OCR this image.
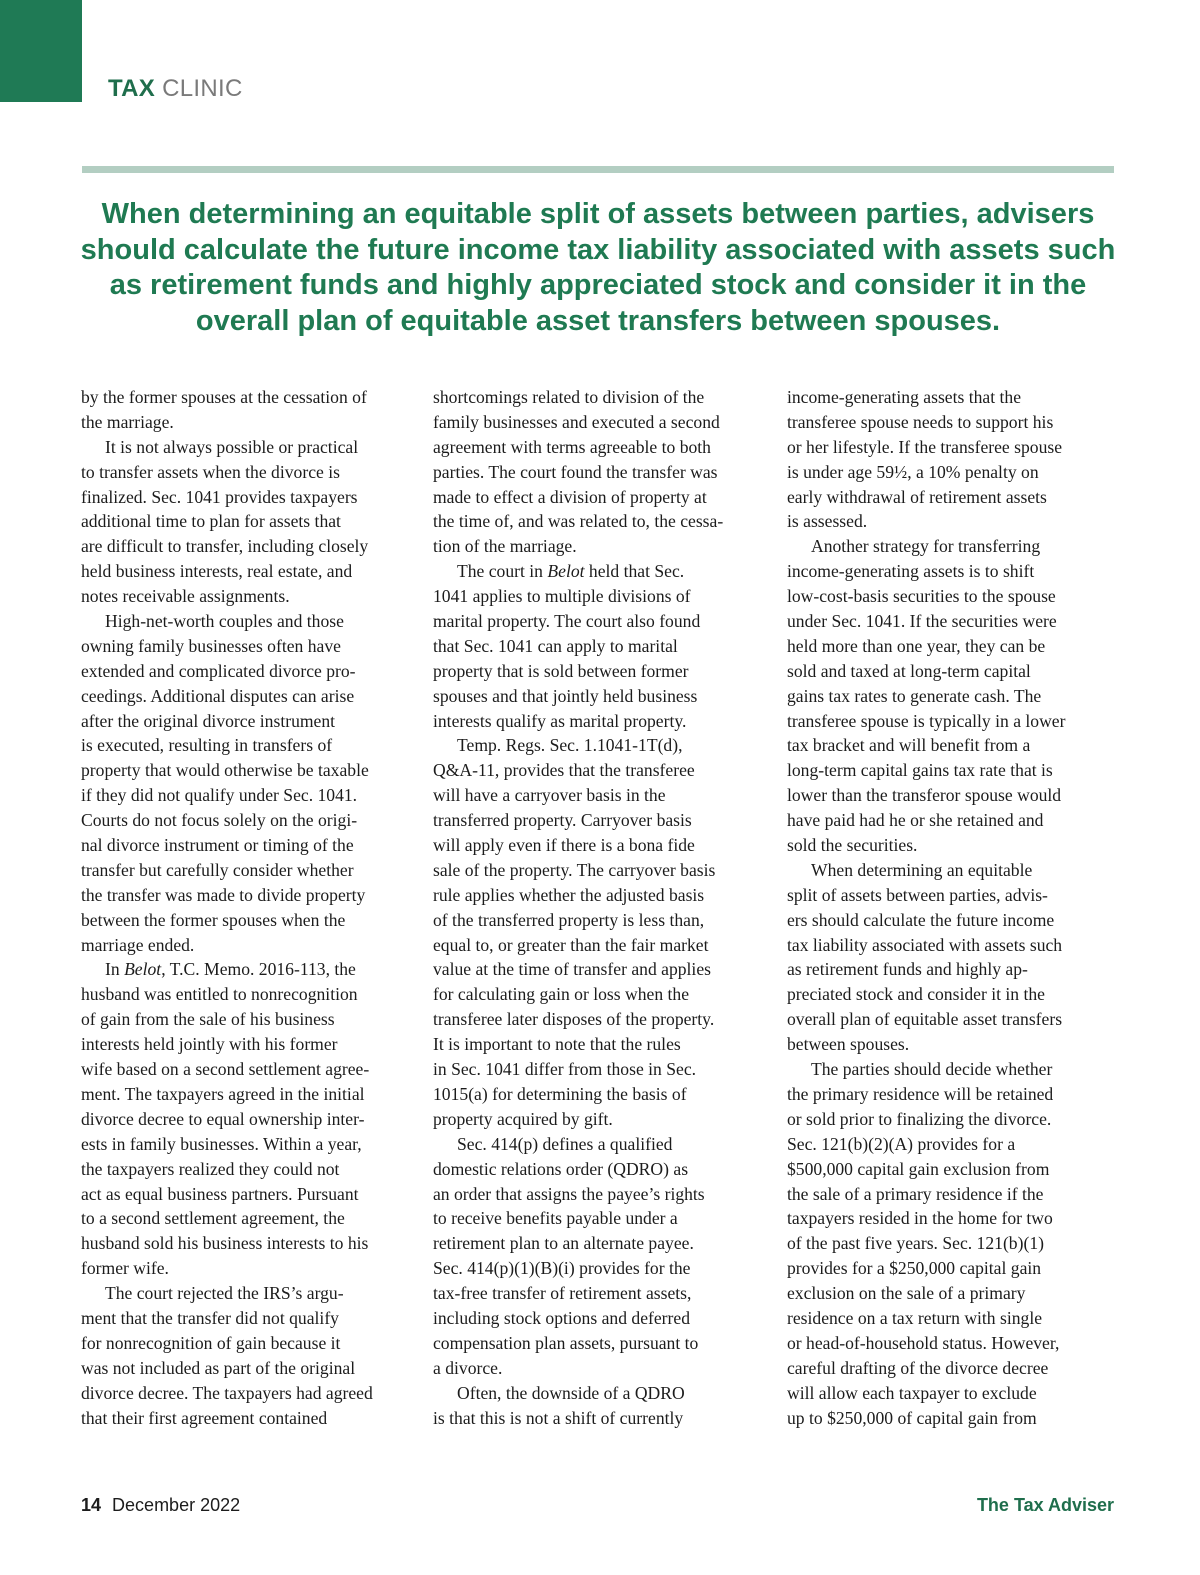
TAX CLINIC

When determining an equitable split of assets between parties, advisers should calculate the future income tax liability associated with assets such as retirement funds and highly appreciated stock and consider it in the overall plan of equitable asset transfers between spouses.

by the former spouses at the cessation of
the marriage.
It is not always possible or practical
to transfer assets when the divorce is
finalized. Sec. 1041 provides taxpayers
additional time to plan for assets that
are difficult to transfer, including closely
held business interests, real estate, and
notes receivable assignments.
High-net-worth couples and those
owning family businesses often have
extended and complicated divorce pro-
ceedings. Additional disputes can arise
after the original divorce instrument
is executed, resulting in transfers of
property that would otherwise be taxable
if they did not qualify under Sec. 1041.
Courts do not focus solely on the origi-
nal divorce instrument or timing of the
transfer but carefully consider whether
the transfer was made to divide property
between the former spouses when the
marriage ended.
In Belot, T.C. Memo. 2016-113, the
husband was entitled to nonrecognition
of gain from the sale of his business
interests held jointly with his former
wife based on a second settlement agree-
ment. The taxpayers agreed in the initial
divorce decree to equal ownership inter-
ests in family businesses. Within a year,
the taxpayers realized they could not
act as equal business partners. Pursuant
to a second settlement agreement, the
husband sold his business interests to his
former wife.
The court rejected the IRS’s argu-
ment that the transfer did not qualify
for nonrecognition of gain because it
was not included as part of the original
divorce decree. The taxpayers had agreed
that their first agreement contained
shortcomings related to division of the
family businesses and executed a second
agreement with terms agreeable to both
parties. The court found the transfer was
made to effect a division of property at
the time of, and was related to, the cessa-
tion of the marriage.
The court in Belot held that Sec.
1041 applies to multiple divisions of
marital property. The court also found
that Sec. 1041 can apply to marital
property that is sold between former
spouses and that jointly held business
interests qualify as marital property.
Temp. Regs. Sec. 1.1041-1T(d),
Q&A-11, provides that the transferee
will have a carryover basis in the
transferred property. Carryover basis
will apply even if there is a bona fide
sale of the property. The carryover basis
rule applies whether the adjusted basis
of the transferred property is less than,
equal to, or greater than the fair market
value at the time of transfer and applies
for calculating gain or loss when the
transferee later disposes of the property.
It is important to note that the rules
in Sec. 1041 differ from those in Sec.
1015(a) for determining the basis of
property acquired by gift.
Sec. 414(p) defines a qualified
domestic relations order (QDRO) as
an order that assigns the payee’s rights
to receive benefits payable under a
retirement plan to an alternate payee.
Sec. 414(p)(1)(B)(i) provides for the
tax-free transfer of retirement assets,
including stock options and deferred
compensation plan assets, pursuant to
a divorce.
Often, the downside of a QDRO
is that this is not a shift of currently
income-generating assets that the
transferee spouse needs to support his
or her lifestyle. If the transferee spouse
is under age 59½, a 10% penalty on
early withdrawal of retirement assets
is assessed.
Another strategy for transferring
income-generating assets is to shift
low-cost-basis securities to the spouse
under Sec. 1041. If the securities were
held more than one year, they can be
sold and taxed at long-term capital
gains tax rates to generate cash. The
transferee spouse is typically in a lower
tax bracket and will benefit from a
long-term capital gains tax rate that is
lower than the transferor spouse would
have paid had he or she retained and
sold the securities.
When determining an equitable
split of assets between parties, advis-
ers should calculate the future income
tax liability associated with assets such
as retirement funds and highly ap-
preciated stock and consider it in the
overall plan of equitable asset transfers
between spouses.
The parties should decide whether
the primary residence will be retained
or sold prior to finalizing the divorce.
Sec. 121(b)(2)(A) provides for a
$500,000 capital gain exclusion from
the sale of a primary residence if the
taxpayers resided in the home for two
of the past five years. Sec. 121(b)(1)
provides for a $250,000 capital gain
exclusion on the sale of a primary
residence on a tax return with single
or head-of-household status. However,
careful drafting of the divorce decree
will allow each taxpayer to exclude
up to $250,000 of capital gain from
14 December 2022	The Tax Adviser
